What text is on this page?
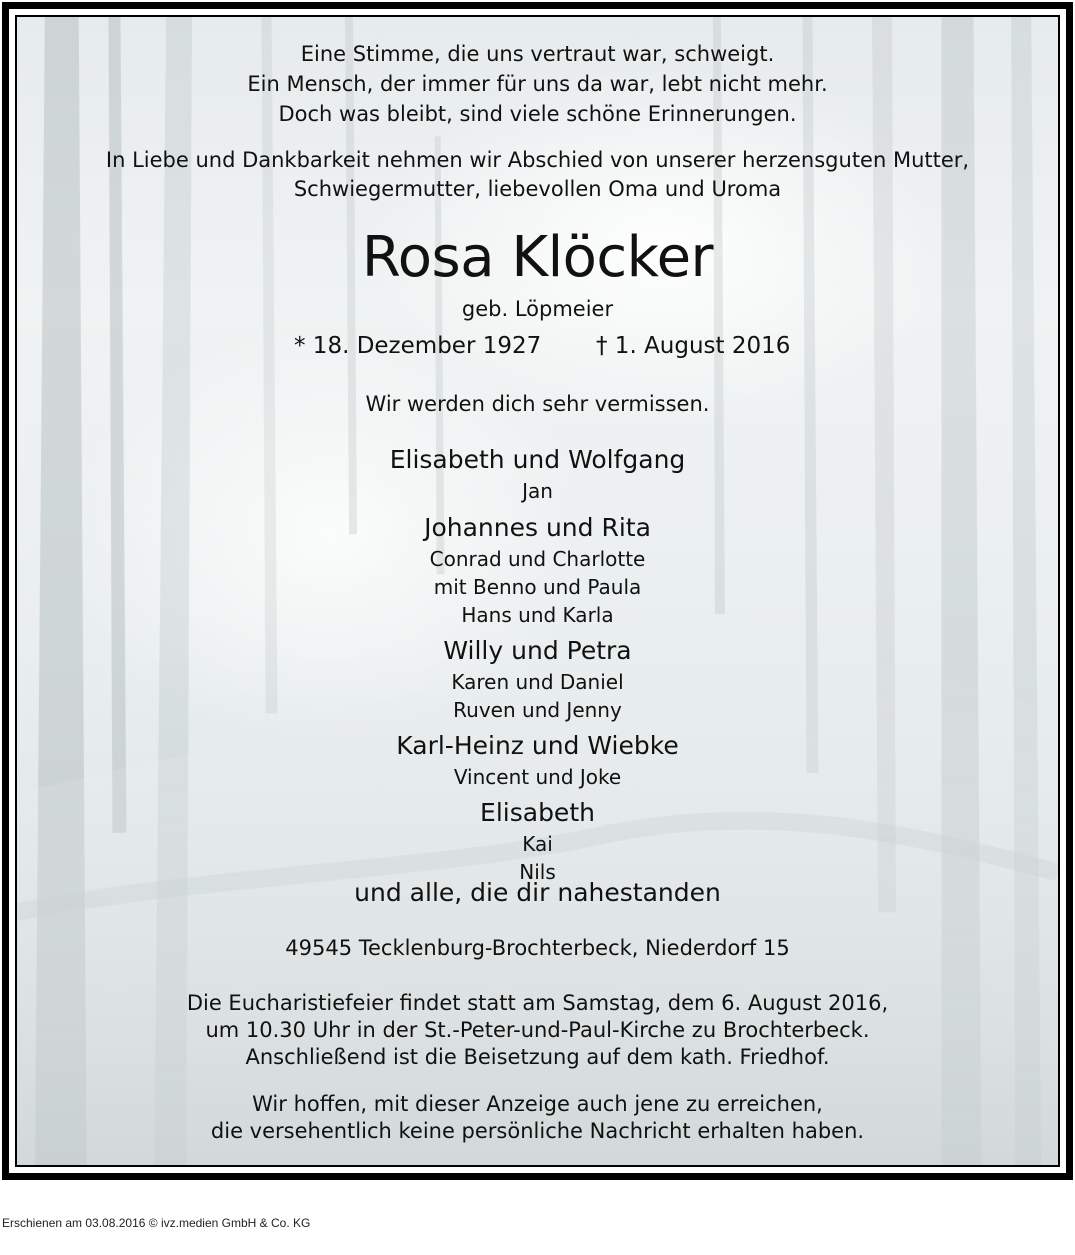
Eine Stimme, die uns vertraut war, schweigt.
Ein Mensch, der immer für uns da war, lebt nicht mehr.
Doch was bleibt, sind viele schöne Erinnerungen.
In Liebe und Dankbarkeit nehmen wir Abschied von unserer herzensguten Mutter,
Schwiegermutter, liebevollen Oma und Uroma
Rosa Klöcker
geb. Löpmeier
* 18. Dezember 1927 † 1. August 2016
Wir werden dich sehr vermissen.
Elisabeth und Wolfgang
Jan
Johannes und Rita
Conrad und Charlotte
mit Benno und Paula
Hans und Karla
Willy und Petra
Karen und Daniel
Ruven und Jenny
Karl-Heinz und Wiebke
Vincent und Joke
Elisabeth
Kai
Nils
und alle, die dir nahestanden
49545 Tecklenburg-Brochterbeck, Niederdorf 15
Die Eucharistiefeier findet statt am Samstag, dem 6. August 2016,
um 10.30 Uhr in der St.-Peter-und-Paul-Kirche zu Brochterbeck.
Anschließend ist die Beisetzung auf dem kath. Friedhof.
Wir hoffen, mit dieser Anzeige auch jene zu erreichen,
die versehentlich keine persönliche Nachricht erhalten haben.
Erschienen am 03.08.2016 © ivz.medien GmbH & Co. KG
